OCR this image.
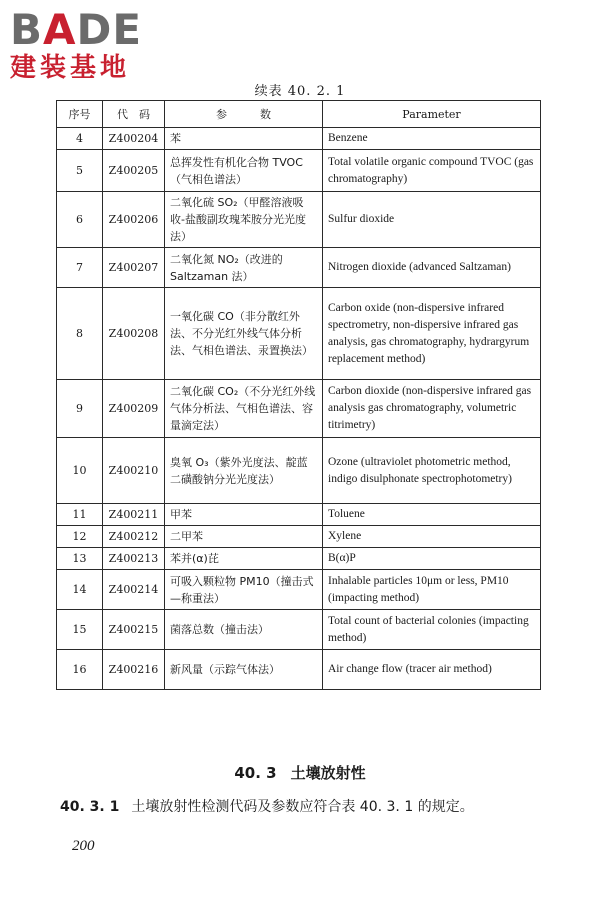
BADE
建装基地
续表 40. 2. 1
序号	代　码	参　　　数	Parameter
4	Z400204	苯	Benzene
5	Z400205	总挥发性有机化合物 TVOC（气相色谱法）	Total volatile organic compound TVOC (gas chromatography)
6	Z400206	二氧化硫 SO₂（甲醛溶液吸收-盐酸副玫瑰苯胺分光光度法）	Sulfur dioxide
7	Z400207	二氧化氮 NO₂（改进的 Saltzaman 法）	Nitrogen dioxide (advanced Saltzaman)
8	Z400208	一氧化碳 CO（非分散红外法、不分光红外线气体分析法、气相色谱法、汞置换法）	Carbon oxide (non-dispersive infrared spectrometry, non-dispersive infrared gas analysis, gas chromatography, hydrargyrum replacement method)
9	Z400209	二氧化碳 CO₂（不分光红外线气体分析法、气相色谱法、容量滴定法）	Carbon dioxide (non-dispersive infrared gas analysis gas chromatography, volumetric titrimetry)
10	Z400210	臭氧 O₃（紫外光度法、靛蓝二磺酸钠分光光度法）	Ozone (ultraviolet photometric method, indigo disulphonate spectrophotometry)
11	Z400211	甲苯	Toluene
12	Z400212	二甲苯	Xylene
13	Z400213	苯并(α)芘	B(α)P
14	Z400214	可吸入颗粒物 PM10（撞击式—称重法）	Inhalable particles 10μm or less, PM10 (impacting method)
15	Z400215	菌落总数（撞击法）	Total count of bacterial colonies (impacting method)
16	Z400216	新风量（示踪气体法）	Air change flow (tracer air method)
40. 3 土壤放射性
40. 3. 1 土壤放射性检测代码及参数应符合表 40. 3. 1 的规定。
200
